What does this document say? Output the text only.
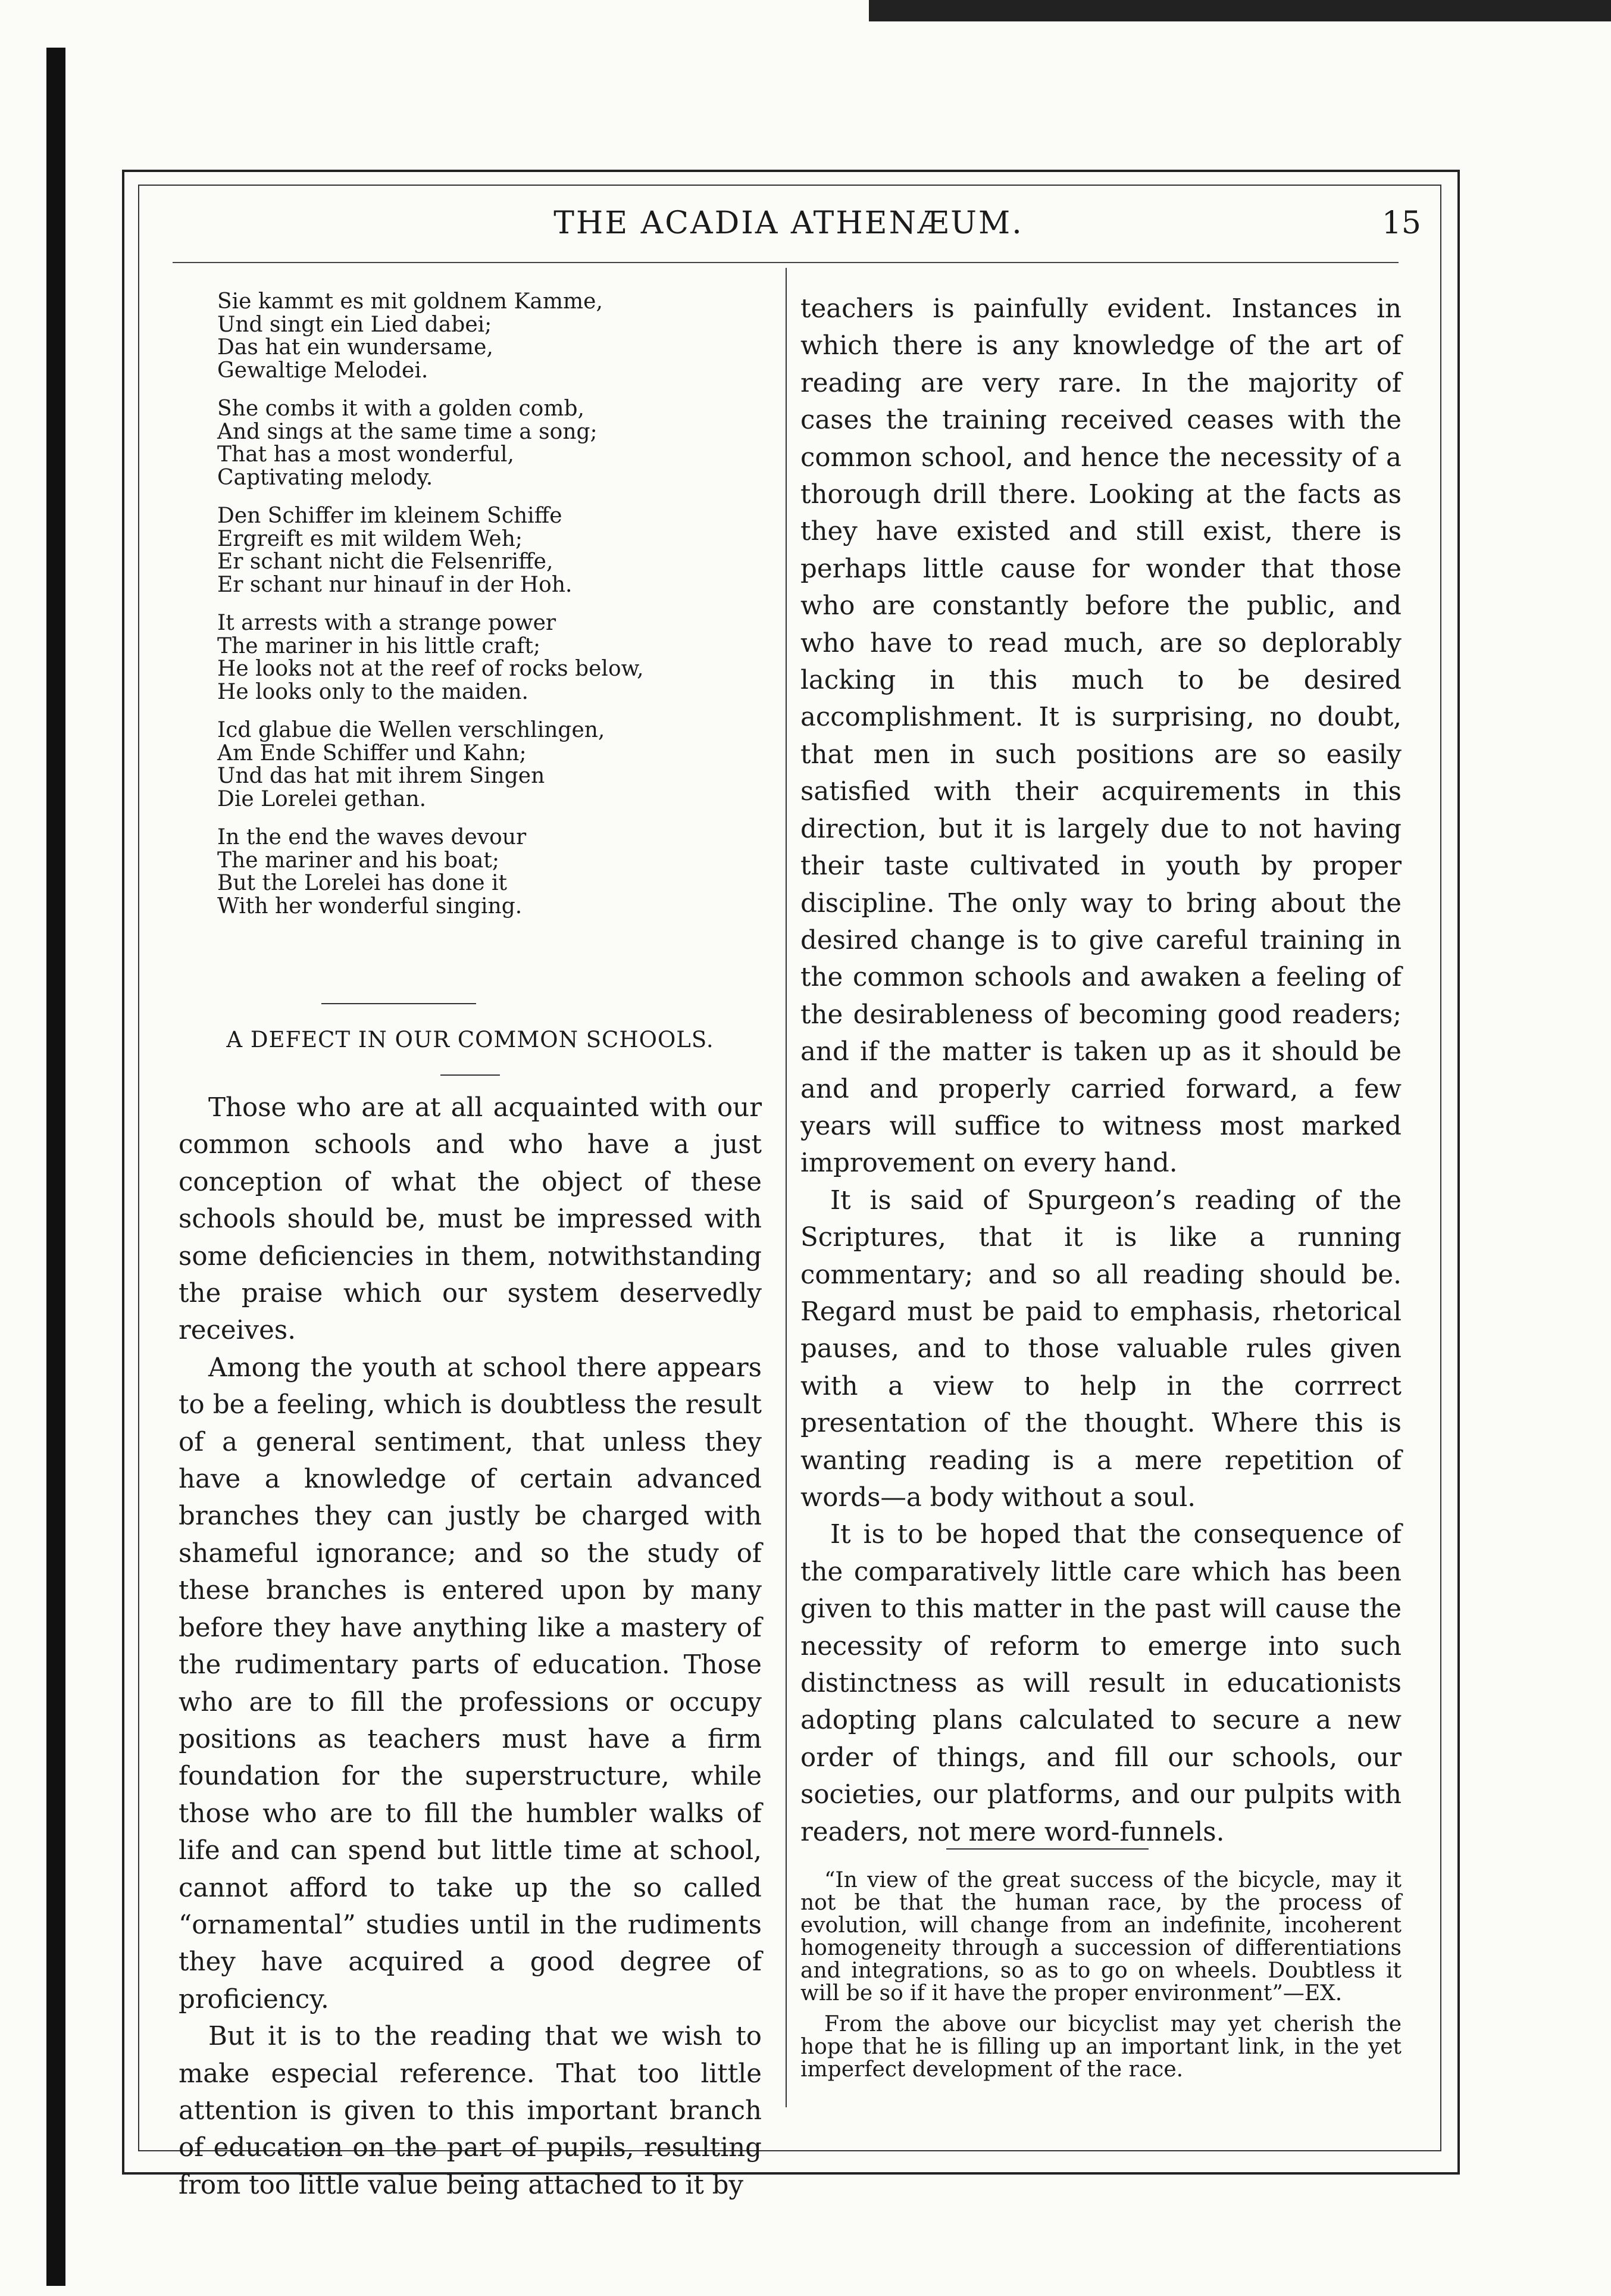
THE ACADIA ATHENÆUM.	15
Sie kammt es mit goldnem Kamme,
Und singt ein Lied dabei;
Das hat ein wundersame,
Gewaltige Melodei.
She combs it with a golden comb,
And sings at the same time a song;
That has a most wonderful,
Captivating melody.
Den Schiffer im kleinem Schiffe
Ergreift es mit wildem Weh;
Er schant nicht die Felsenriffe,
Er schant nur hinauf in der Hoh.
It arrests with a strange power
The mariner in his little craft;
He looks not at the reef of rocks below,
He looks only to the maiden.
Icd glabue die Wellen verschlingen,
Am Ende Schiffer und Kahn;
Und das hat mit ihrem Singen
Die Lorelei gethan.
In the end the waves devour
The mariner and his boat;
But the Lorelei has done it
With her wonderful singing.
A DEFECT IN OUR COMMON SCHOOLS.

Those who are at all acquainted with our common schools and who have a just conception of what the object of these schools should be, must be impressed with some deficiencies in them, notwithstanding the praise which our system deservedly receives.

Among the youth at school there appears to be a feeling, which is doubtless the result of a general sentiment, that unless they have a knowledge of certain advanced branches they can justly be charged with shameful ignorance; and so the study of these branches is entered upon by many before they have anything like a mastery of the rudimentary parts of education. Those who are to fill the professions or occupy positions as teachers must have a firm foundation for the superstructure, while those who are to fill the humbler walks of life and can spend but little time at school, cannot afford to take up the so called “ornamental” studies until in the rudiments they have acquired a good degree of proficiency.

But it is to the reading that we wish to make especial reference. That too little attention is given to this important branch of education on the part of pupils, resulting from too little value being attached to it by

teachers is painfully evident. Instances in which there is any knowledge of the art of reading are very rare. In the majority of cases the training received ceases with the common school, and hence the necessity of a thorough drill there. Looking at the facts as they have existed and still exist, there is perhaps little cause for wonder that those who are constantly before the public, and who have to read much, are so deplorably lacking in this much to be desired accomplishment. It is surprising, no doubt, that men in such positions are so easily satisfied with their acquirements in this direction, but it is largely due to not having their taste cultivated in youth by proper discipline. The only way to bring about the desired change is to give careful training in the common schools and awaken a feeling of the desirableness of becoming good readers; and if the matter is taken up as it should be and and properly carried forward, a few years will suffice to witness most marked improvement on every hand.

It is said of Spurgeon’s reading of the Scriptures, that it is like a running commentary; and so all reading should be. Regard must be paid to emphasis, rhetorical pauses, and to those valuable rules given with a view to help in the corrrect presentation of the thought. Where this is wanting reading is a mere repetition of words—a body without a soul.

It is to be hoped that the consequence of the comparatively little care which has been given to this matter in the past will cause the necessity of reform to emerge into such distinctness as will result in educationists adopting plans calculated to secure a new order of things, and fill our schools, our societies, our platforms, and our pulpits with readers, not mere word-funnels.

“In view of the great success of the bicycle, may it not be that the human race, by the process of evolution, will change from an indefinite, incoherent homogeneity through a succession of differentiations and integrations, so as to go on wheels. Doubtless it will be so if it have the proper environment”—EX.

From the above our bicyclist may yet cherish the hope that he is filling up an important link, in the yet imperfect development of the race.
